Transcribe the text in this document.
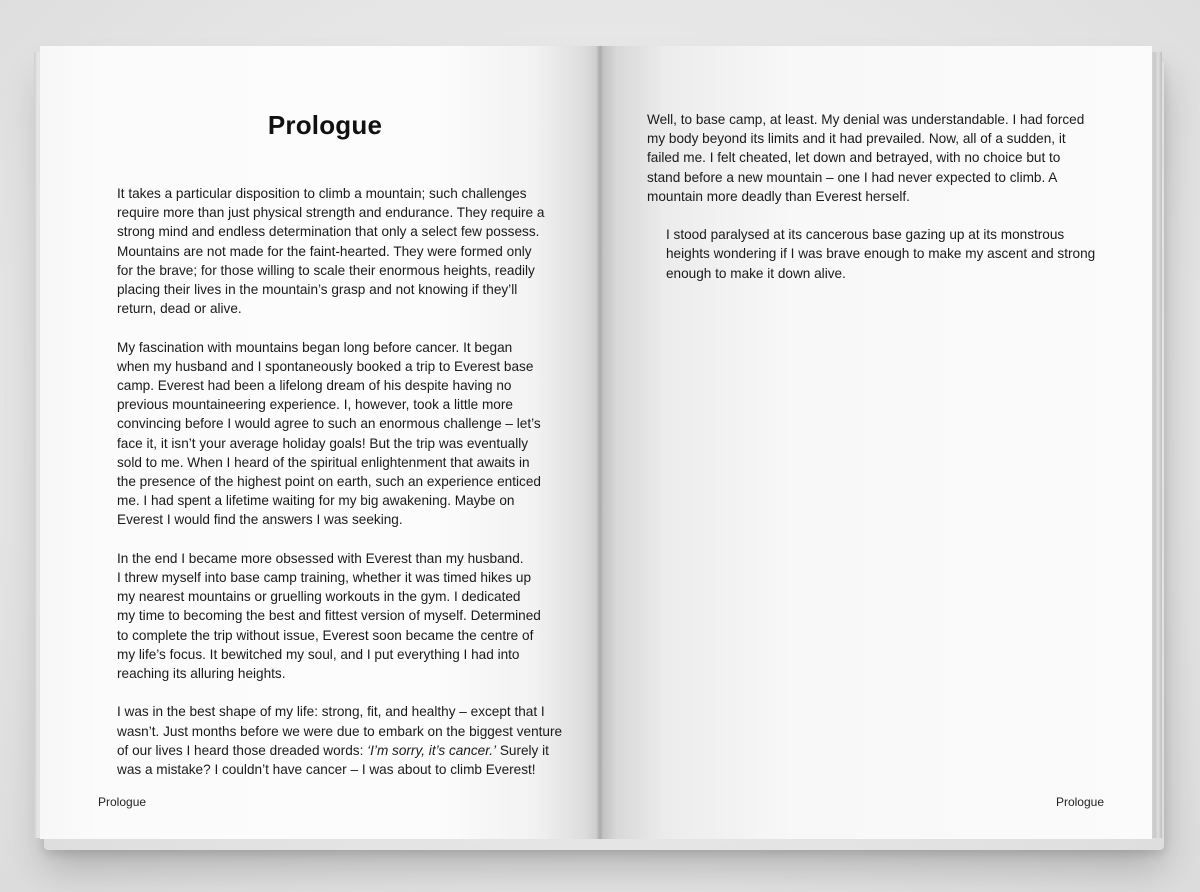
Prologue

It takes a particular disposition to climb a mountain; such challenges
require more than just physical strength and endurance. They require a
strong mind and endless determination that only a select few possess.
Mountains are not made for the faint-hearted. They were formed only
for the brave; for those willing to scale their enormous heights, readily
placing their lives in the mountain’s grasp and not knowing if they’ll
return, dead or alive.

My fascination with mountains began long before cancer. It began
when my husband and I spontaneously booked a trip to Everest base
camp. Everest had been a lifelong dream of his despite having no
previous mountaineering experience. I, however, took a little more
convincing before I would agree to such an enormous challenge – let’s
face it, it isn’t your average holiday goals! But the trip was eventually
sold to me. When I heard of the spiritual enlightenment that awaits in
the presence of the highest point on earth, such an experience enticed
me. I had spent a lifetime waiting for my big awakening. Maybe on
Everest I would find the answers I was seeking.

In the end I became more obsessed with Everest than my husband.
I threw myself into base camp training, whether it was timed hikes up
my nearest mountains or gruelling workouts in the gym. I dedicated
my time to becoming the best and fittest version of myself. Determined
to complete the trip without issue, Everest soon became the centre of
my life’s focus. It bewitched my soul, and I put everything I had into
reaching its alluring heights.

I was in the best shape of my life: strong, fit, and healthy – except that I
wasn’t. Just months before we were due to embark on the biggest venture
of our lives I heard those dreaded words: ‘I’m sorry, it’s cancer.’ Surely it
was a mistake? I couldn’t have cancer – I was about to climb Everest!

Prologue

Well, to base camp, at least. My denial was understandable. I had forced
my body beyond its limits and it had prevailed. Now, all of a sudden, it
failed me. I felt cheated, let down and betrayed, with no choice but to
stand before a new mountain – one I had never expected to climb. A
mountain more deadly than Everest herself.

I stood paralysed at its cancerous base gazing up at its monstrous
heights wondering if I was brave enough to make my ascent and strong
enough to make it down alive.

Prologue
